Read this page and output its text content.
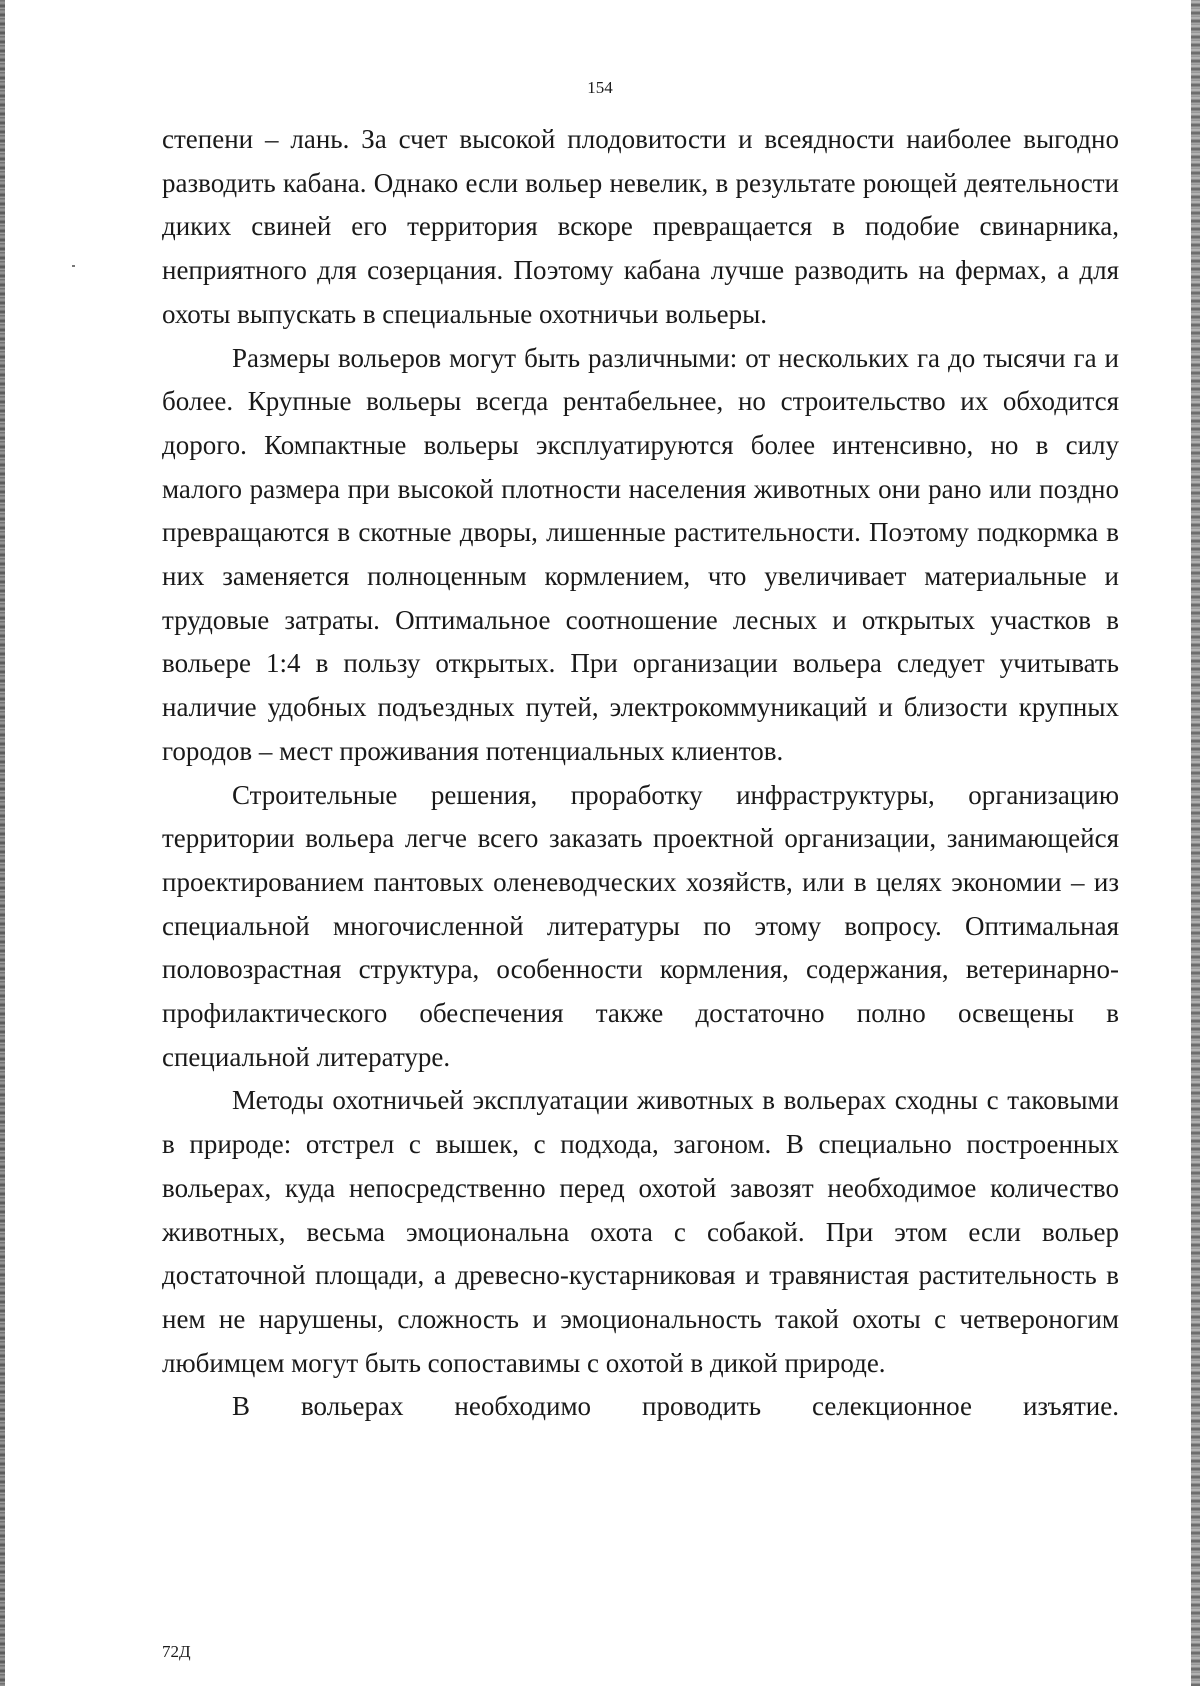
154

степени – лань. За счет высокой плодовитости и всеядности наиболее выгодно разводить кабана. Однако если вольер невелик, в результате роющей деятельности диких свиней его территория вскоре превращается в подобие свинарника, неприятного для созерцания. Поэтому кабана лучше разводить на фермах, а для охоты выпускать в специальные охотничьи вольеры.

Размеры вольеров могут быть различными: от нескольких га до тысячи га и более. Крупные вольеры всегда рентабельнее, но строительство их обходится дорого. Компактные вольеры эксплуатируются более интенсивно, но в силу малого размера при высокой плотности населения животных они рано или поздно превращаются в скотные дворы, лишенные растительности. Поэтому подкормка в них заменяется полноценным кормлением, что увеличивает материальные и трудовые затраты. Оптимальное соотношение лесных и открытых участков в вольере 1:4 в пользу открытых. При организации вольера следует учитывать наличие удобных подъездных путей, электрокоммуникаций и близости крупных городов – мест проживания потенциальных клиентов.

Строительные решения, проработку инфраструктуры, организацию территории вольера легче всего заказать проектной организации, занимающейся проектированием пантовых оленеводческих хозяйств, или в целях экономии – из специальной многочисленной литературы по этому вопросу. Оптимальная половозрастная структура, особенности кормления, содержания, ветеринарно-профилактического обеспечения также достаточно полно освещены в специальной литературе.

Методы охотничьей эксплуатации животных в вольерах сходны с таковыми в природе: отстрел с вышек, с подхода, загоном. В специально построенных вольерах, куда непосредственно перед охотой завозят необходимое количество животных, весьма эмоциональна охота с собакой. При этом если вольер достаточной площади, а древесно-кустарниковая и травянистая растительность в нем не нарушены, сложность и эмоциональность такой охоты с четвероногим любимцем могут быть сопоставимы с охотой в дикой природе.

В вольерах необходимо проводить селекционное изъятие.

72Д
